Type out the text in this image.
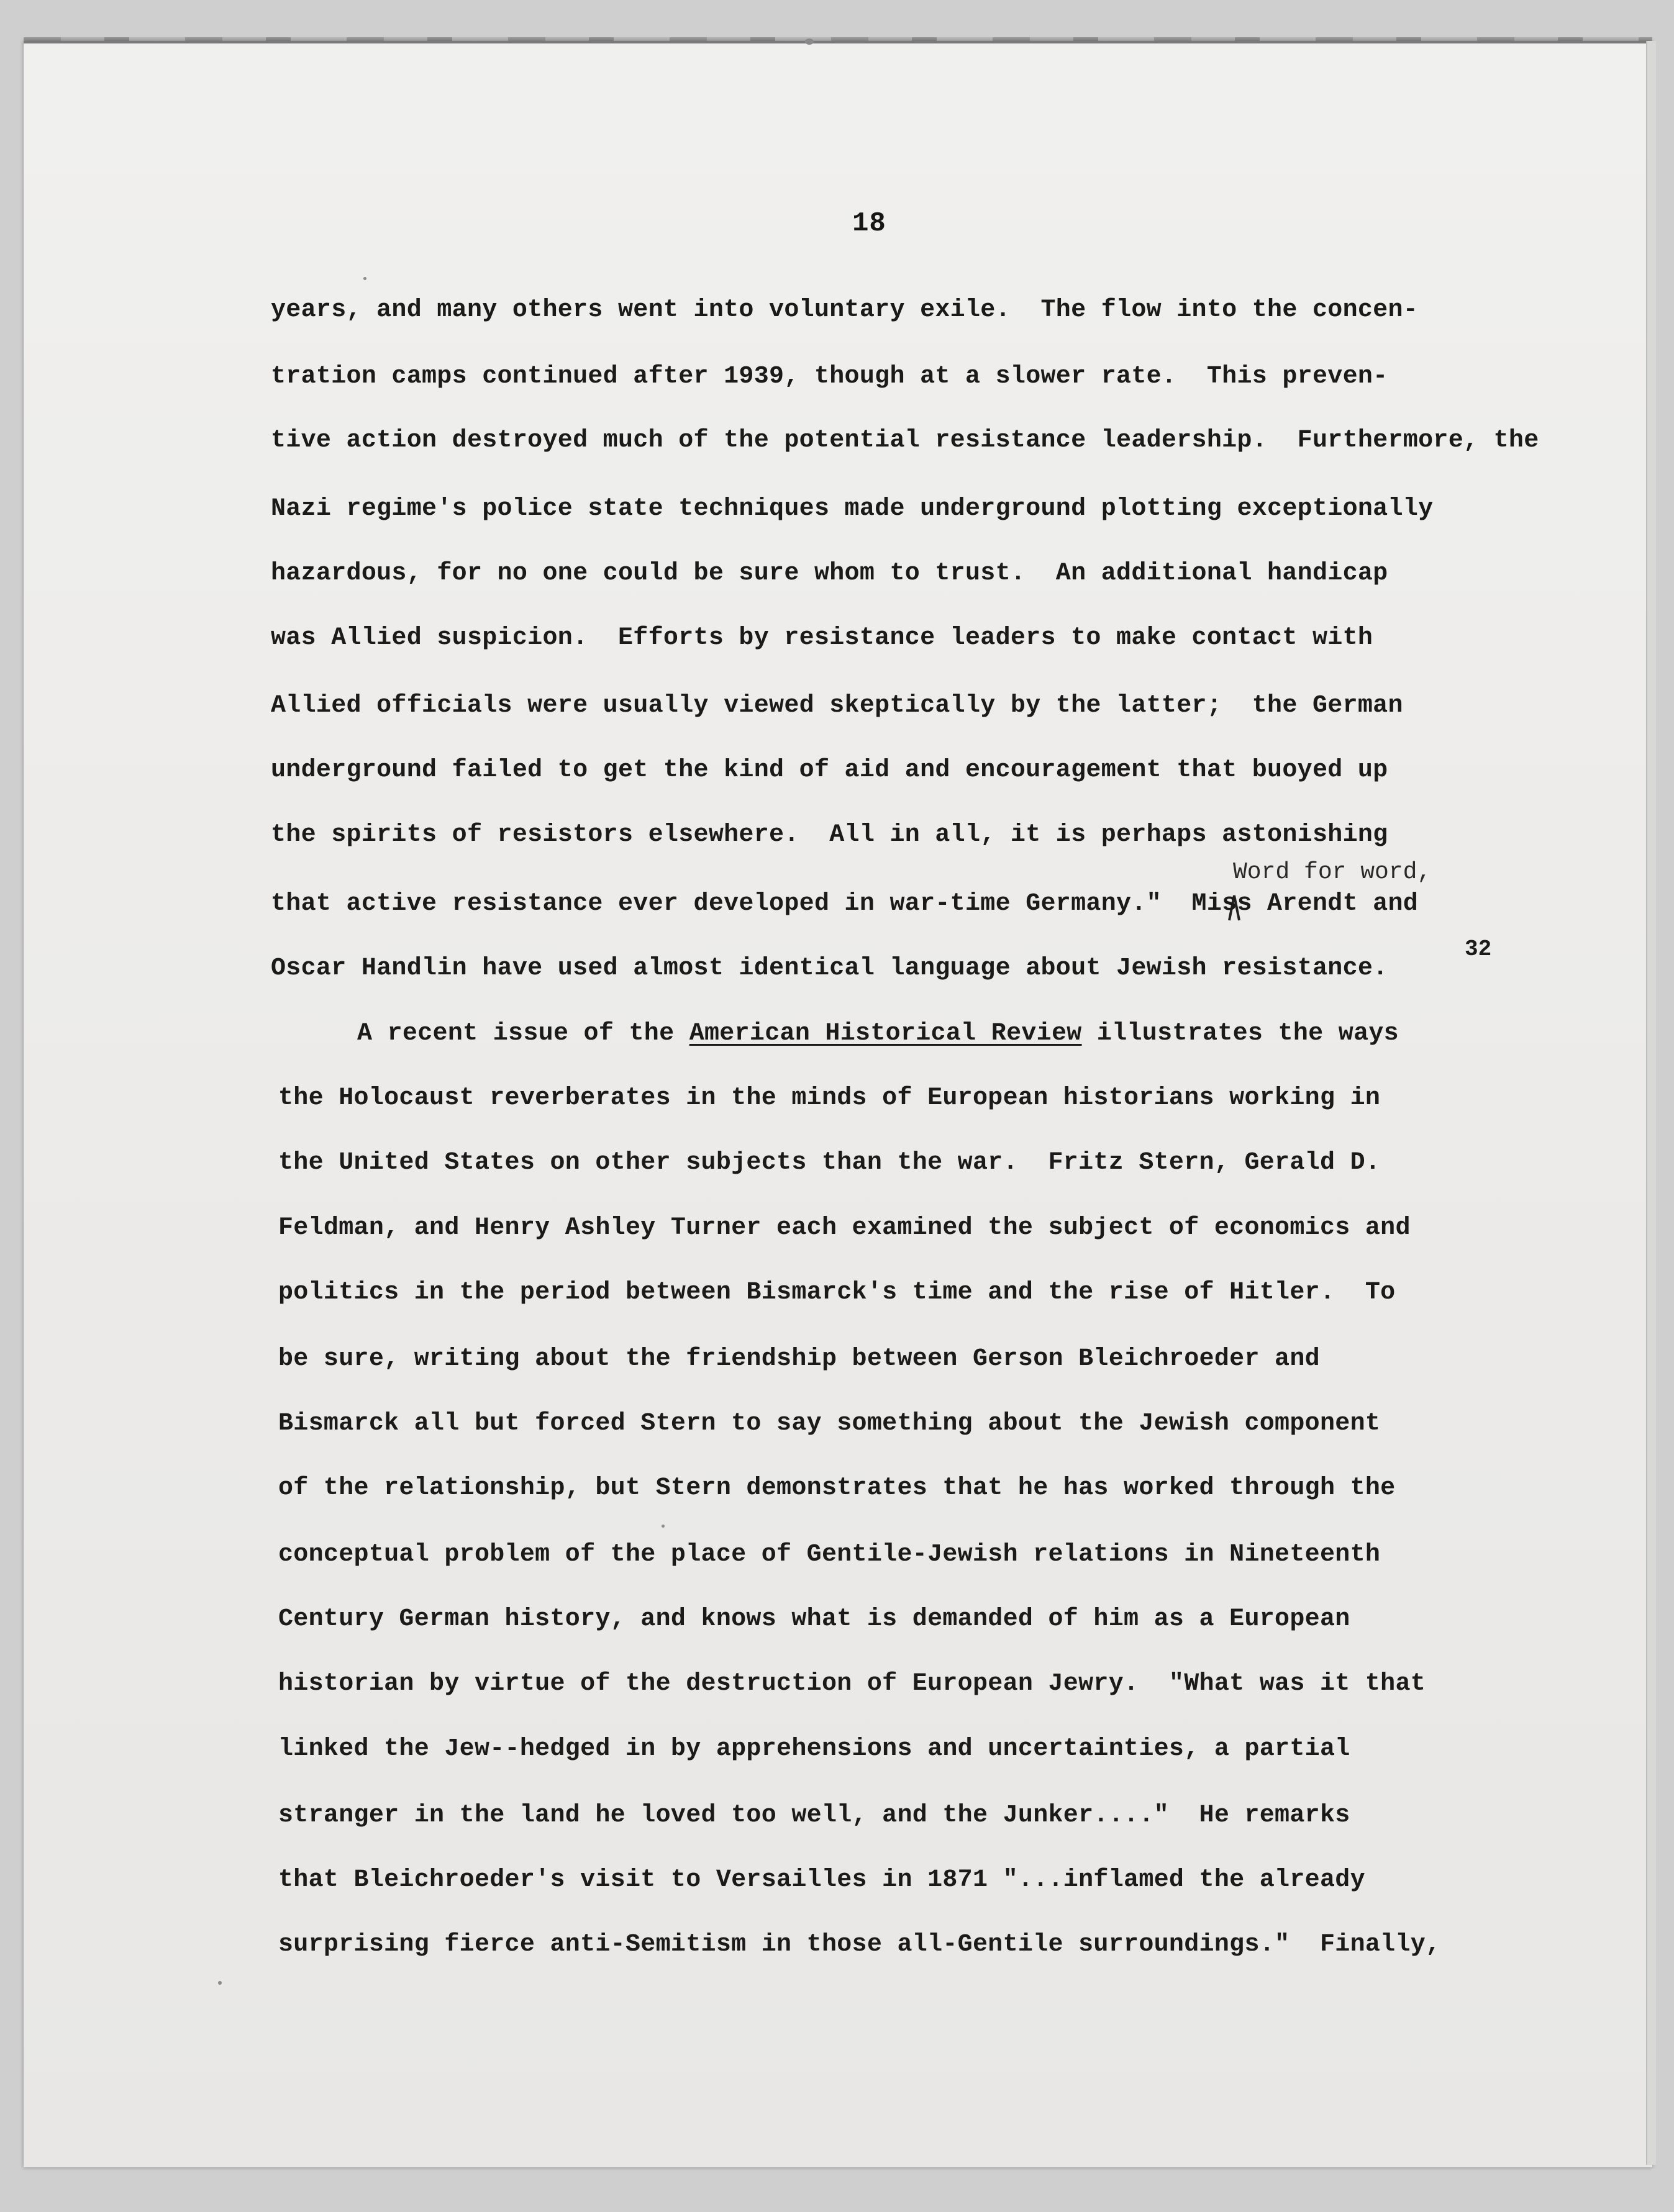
18
years, and many others went into voluntary exile.  The flow into the concen-
tration camps continued after 1939, though at a slower rate.  This preven-
tive action destroyed much of the potential resistance leadership.  Furthermore, the
Nazi regime's police state techniques made underground plotting exceptionally
hazardous, for no one could be sure whom to trust.  An additional handicap
was Allied suspicion.  Efforts by resistance leaders to make contact with
Allied officials were usually viewed skeptically by the latter;  the German
underground failed to get the kind of aid and encouragement that buoyed up
the spirits of resistors elsewhere.  All in all, it is perhaps astonishing
Word for word,
that active resistance ever developed in war-time Germany."  Miss Arendt and
Oscar Handlin have used almost identical language about Jewish resistance.
32
A recent issue of the American Historical Review illustrates the ways
the Holocaust reverberates in the minds of European historians working in
the United States on other subjects than the war.  Fritz Stern, Gerald D.
Feldman, and Henry Ashley Turner each examined the subject of economics and
politics in the period between Bismarck's time and the rise of Hitler.  To
be sure, writing about the friendship between Gerson Bleichroeder and
Bismarck all but forced Stern to say something about the Jewish component
of the relationship, but Stern demonstrates that he has worked through the
conceptual problem of the place of Gentile-Jewish relations in Nineteenth
Century German history, and knows what is demanded of him as a European
historian by virtue of the destruction of European Jewry.  "What was it that
linked the Jew--hedged in by apprehensions and uncertainties, a partial
stranger in the land he loved too well, and the Junker...."  He remarks
that Bleichroeder's visit to Versailles in 1871 "...inflamed the already
surprising fierce anti-Semitism in those all-Gentile surroundings."  Finally,
